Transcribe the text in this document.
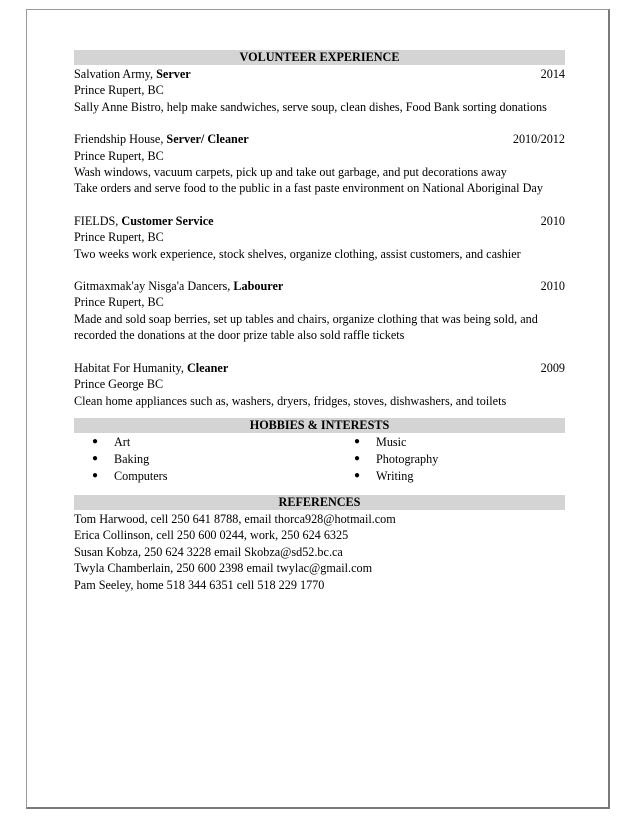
VOLUNTEER EXPERIENCE
Salvation Army, Server	2014
Prince Rupert, BC
Sally Anne Bistro, help make sandwiches, serve soup, clean dishes, Food Bank sorting donations
Friendship House, Server/ Cleaner	2010/2012
Prince Rupert, BC
Wash windows, vacuum carpets, pick up and take out garbage, and put decorations away
Take orders and serve food to the public in a fast paste environment on National Aboriginal Day
FIELDS, Customer Service	2010
Prince Rupert, BC
Two weeks work experience, stock shelves, organize clothing, assist customers, and cashier
Gitmaxmak'ay Nisga'a Dancers, Labourer	2010
Prince Rupert, BC
Made and sold soap berries, set up tables and chairs, organize clothing that was being sold, and
recorded the donations at the door prize table also sold raffle tickets
Habitat For Humanity, Cleaner	2009
Prince George BC
Clean home appliances such as, washers, dryers, fridges, stoves, dishwashers, and toilets
HOBBIES & INTERESTS
●	Art
●	Baking
●	Computers
●	Music
●	Photography
●	Writing
REFERENCES
Tom Harwood, cell 250 641 8788, email thorca928@hotmail.com
Erica Collinson, cell 250 600 0244, work, 250 624 6325
Susan Kobza, 250 624 3228 email Skobza@sd52.bc.ca
Twyla Chamberlain, 250 600 2398 email twylac@gmail.com
Pam Seeley, home 518 344 6351 cell 518 229 1770
